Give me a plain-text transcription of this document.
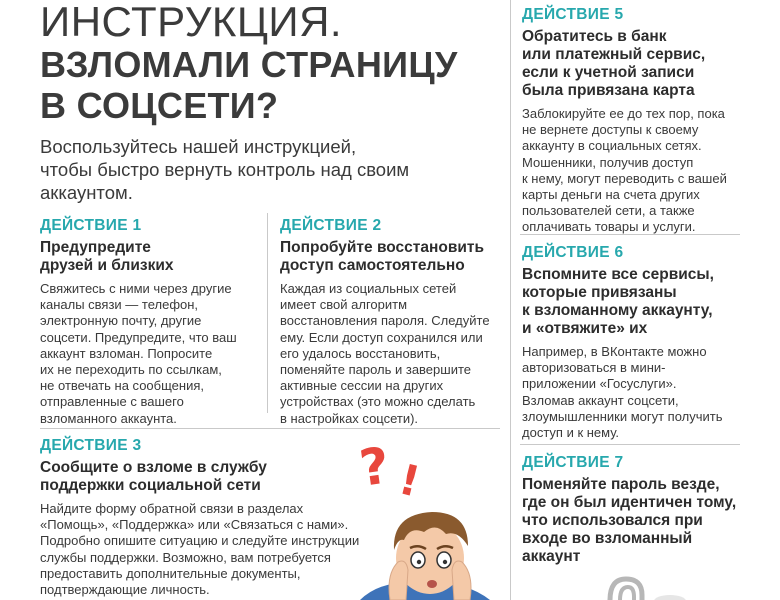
ИНСТРУКЦИЯ.
ВЗЛОМАЛИ СТРАНИЦУ
В СОЦСЕТИ?
Воспользуйтесь нашей инструкцией,
чтобы быстро вернуть контроль над своим
аккаунтом.
ДЕЙСТВИЕ 1
Предупредите
друзей и близких
Свяжитесь с ними через другие
каналы связи — телефон,
электронную почту, другие
соцсети. Предупредите, что ваш
аккаунт взломан. Попросите
их не переходить по ссылкам,
не отвечать на сообщения,
отправленные с вашего
взломанного аккаунта.
ДЕЙСТВИЕ 2
Попробуйте восстановить
доступ самостоятельно
Каждая из социальных сетей
имеет свой алгоритм
восстановления пароля. Следуйте
ему. Если доступ сохранился или
его удалось восстановить,
поменяйте пароль и завершите
активные сессии на других
устройствах (это можно сделать
в настройках соцсети).
ДЕЙСТВИЕ 3
Сообщите о взломе в службу
поддержки социальной сети
Найдите форму обратной связи в разделах
«Помощь», «Поддержка» или «Связаться с нами».
Подробно опишите ситуацию и следуйте инструкции
службы поддержки. Возможно, вам потребуется
предоставить дополнительные документы,
подтверждающие личность.
ДЕЙСТВИЕ 5
Обратитесь в банк
или платежный сервис,
если к учетной записи
была привязана карта
Заблокируйте ее до тех пор, пока
не вернете доступы к своему
аккаунту в социальных сетях.
Мошенники, получив доступ
к нему, могут переводить с вашей
карты деньги на счета других
пользователей сети, а также
оплачивать товары и услуги.
ДЕЙСТВИЕ 6
Вспомните все сервисы,
которые привязаны
к взломанному аккаунту,
и «отвяжите» их
Например, в ВКонтакте можно
авторизоваться в мини-
приложении «Госуслуги».
Взломав аккаунт соцсети,
злоумышленники могут получить
доступ и к нему.
ДЕЙСТВИЕ 7
Поменяйте пароль везде,
где он был идентичен тому,
что использовался при
входе во взломанный
аккаунт
? !
